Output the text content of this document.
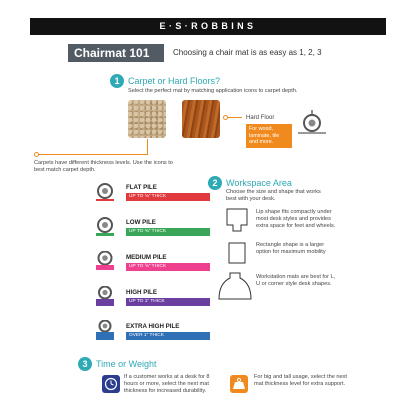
E·S·ROBBINS
Chairmat 101	Choosing a chair mat is as easy as 1, 2, 3
1 Carpet or Hard Floors?
Select the perfect mat by matching application icons to carpet depth.
Hard Floor
For wood, laminate, tile and more.
Carpets have different thickness levels. Use the icons to best match carpet depth.
FLAT PILE
UP TO ⅛" THICK
LOW PILE
UP TO ⅜" THICK
MEDIUM PILE
UP TO ⅝" THICK
HIGH PILE
UP TO 1" THICK
EXTRA HIGH PILE
OVER 1" THICK
2 Workspace Area
Choose the size and shape that works best with your desk.
Lip shape fits compactly under most desk styles and provides extra space for feet and wheels.
Rectangle shape is a larger option for maximum mobility
Workstation mats are best for L, U or corner style desk shapes.
3 Time or Weight
If a customer works at a desk for 8 hours or more, select the next mat thickness for increased durability.
For big and tall usage, select the next mat thickness level for extra support.
